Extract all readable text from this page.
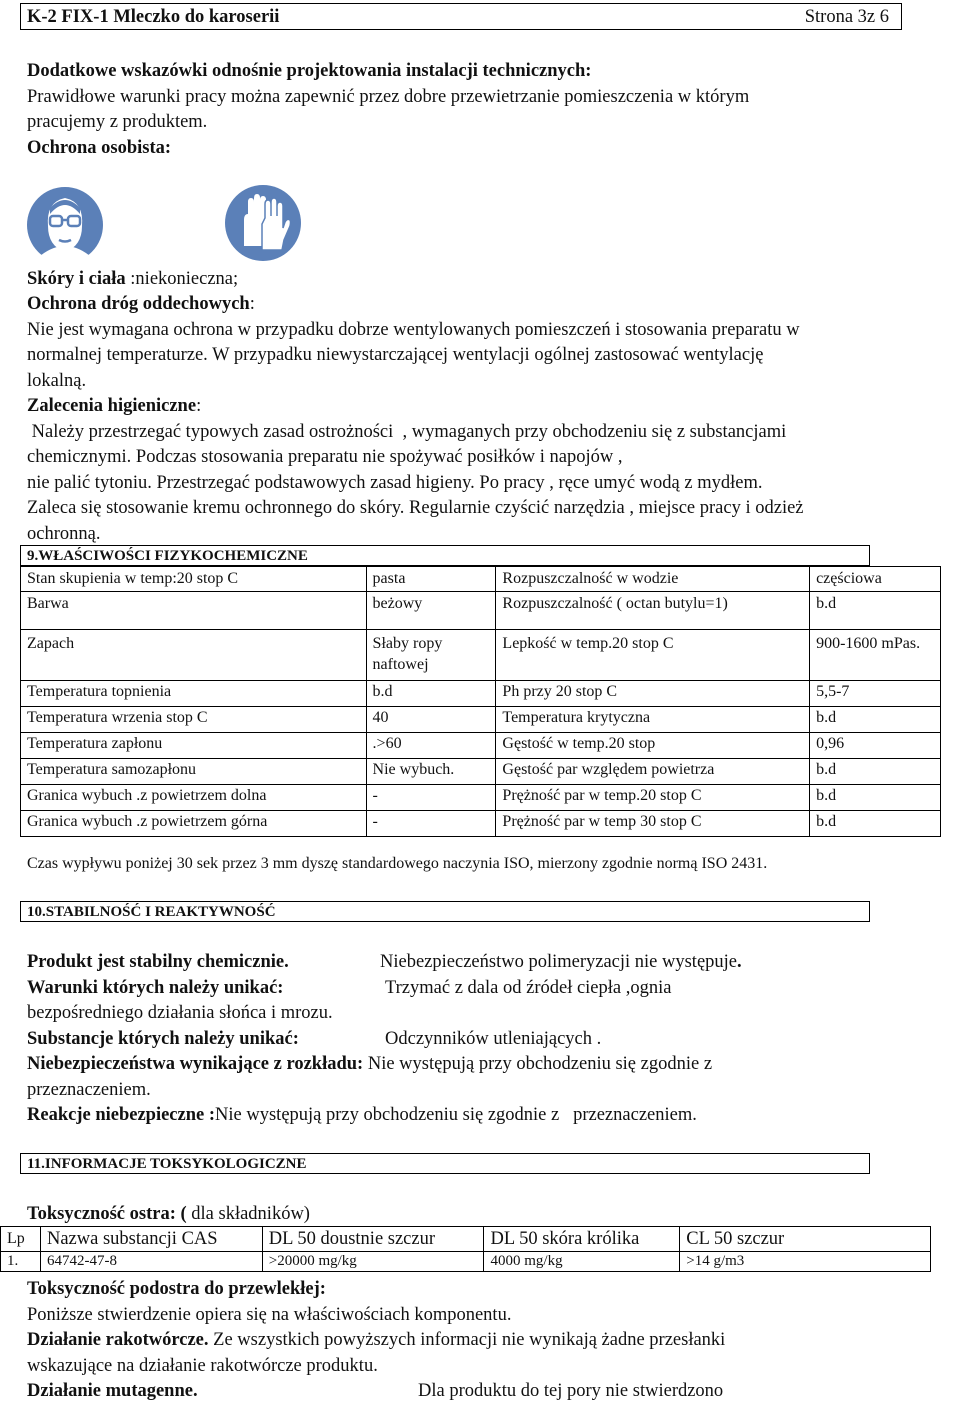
K-2 FIX-1 Mleczko do karoserii	Strona 3z 6
Dodatkowe wskazówki odnośnie projektowania instalacji technicznych:
Prawidłowe warunki pracy można zapewnić przez dobre przewietrzanie pomieszczenia w którym
pracujemy z produktem.
Ochrona osobista:
Skóry i ciała :niekonieczna;
Ochrona dróg oddechowych:
Nie jest wymagana ochrona w przypadku dobrze wentylowanych pomieszczeń i stosowania preparatu w
normalnej temperaturze. W przypadku niewystarczającej wentylacji ogólnej zastosować wentylację
lokalną.
Zalecenia higieniczne:
Należy przestrzegać typowych zasad ostrożności  , wymaganych przy obchodzeniu się z substancjami
chemicznymi. Podczas stosowania preparatu nie spożywać posiłków i napojów ,
nie palić tytoniu. Przestrzegać podstawowych zasad higieny. Po pracy , ręce umyć wodą z mydłem.
Zaleca się stosowanie kremu ochronnego do skóry. Regularnie czyścić narzędzia , miejsce pracy i odzież
ochronną.
9.WŁAŚCIWOŚCI FIZYKOCHEMICZNE
Stan skupienia w temp:20 stop C	pasta	Rozpuszczalność w wodzie	częściowa
Barwa	beżowy	Rozpuszczalność ( octan butylu=1)	b.d
Zapach	Słaby ropy naftowej	Lepkość w temp.20 stop C	900-1600 mPas.
Temperatura topnienia	b.d	Ph przy 20 stop C	5,5-7
Temperatura wrzenia stop C	40	Temperatura krytyczna	b.d
Temperatura zapłonu	.>60	Gęstość w temp.20 stop	0,96
Temperatura samozapłonu	Nie wybuch.	Gęstość par względem powietrza	b.d
Granica wybuch .z powietrzem dolna	-	Prężność par w temp.20 stop C	b.d
Granica wybuch .z powietrzem górna	-	Prężność par w temp 30 stop C	b.d
Czas wypływu poniżej 30 sek przez 3 mm dyszę standardowego naczynia ISO, mierzony zgodnie normą ISO 2431.
10.STABILNOŚĆ I REAKTYWNOŚĆ
Produkt jest stabilny chemicznie.	Niebezpieczeństwo polimeryzacji nie występuje.
Warunki których należy unikać:	Trzymać z dala od źródeł ciepła ,ognia
bezpośredniego działania słońca i mrozu.
Substancje których należy unikać:	Odczynników utleniających .
Niebezpieczeństwa wynikające z rozkładu: Nie występują przy obchodzeniu się zgodnie z
przeznaczeniem.
Reakcje niebezpieczne :Nie występują przy obchodzeniu się zgodnie z   przeznaczeniem.
11.INFORMACJE TOKSYKOLOGICZNE
Toksyczność ostra: ( dla składników)
Lp	Nazwa substancji CAS	DL 50 doustnie szczur	DL 50 skóra królika	CL 50 szczur
1.	64742-47-8	>20000 mg/kg	4000 mg/kg	>14 g/m3
Toksyczność podostra do przewlekłej:
Poniższe stwierdzenie opiera się na właściwościach komponentu.
Działanie rakotwórcze. Ze wszystkich powyższych informacji nie wynikają żadne przesłanki
wskazujące na działanie rakotwórcze produktu.
Działanie mutagenne.	Dla produktu do tej pory nie stwierdzono
